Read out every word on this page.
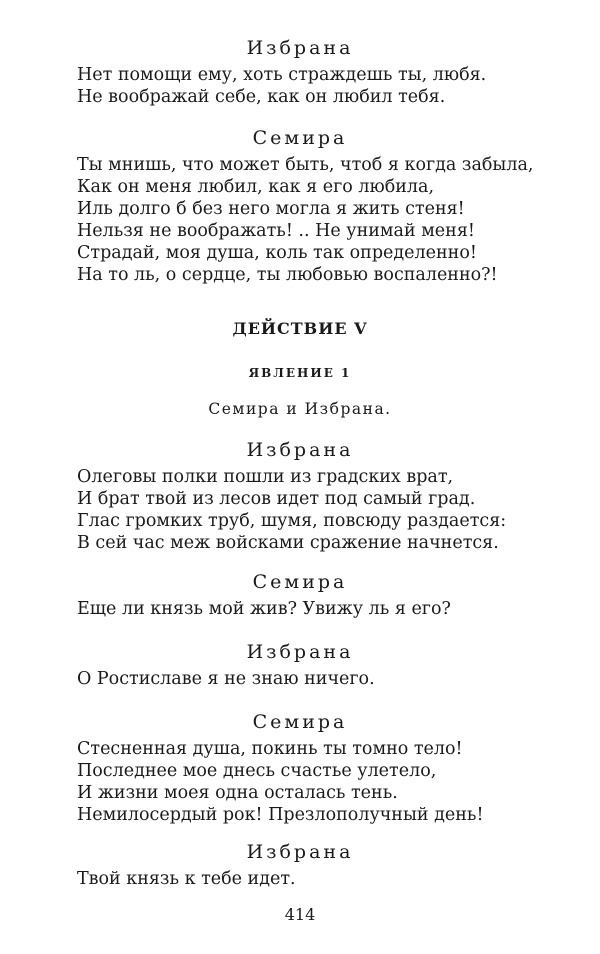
Избрана
Нет помощи ему, хоть страждешь ты, любя.
Не воображай себе, как он любил тебя.
Семира
Ты мнишь, что может быть, чтоб я когда забыла,
Как он меня любил, как я его любила,
Иль долго б без него могла я жить стеня!
Нельзя не воображать! .. Не унимай меня!
Страдай, моя душа, коль так определенно!
На то ль, о сердце, ты любовью воспаленно?!
ДЕЙСТВИЕ V
ЯВЛЕНИЕ 1
Семира и Избрана.
Избрана
Олеговы полки пошли из градских врат,
И брат твой из лесов идет под самый град.
Глас громких труб, шумя, повсюду раздается:
В сей час меж войсками сражение начнется.
Семира
Еще ли князь мой жив? Увижу ль я его?
Избрана
О Ростиславе я не знаю ничего.
Семира
Стесненная душа, покинь ты томно тело!
Последнее мое днесь счастье улетело,
И жизни моея одна осталась тень.
Немилосердый рок! Презлополучный день!
Избрана
Твой князь к тебе идет.
414
